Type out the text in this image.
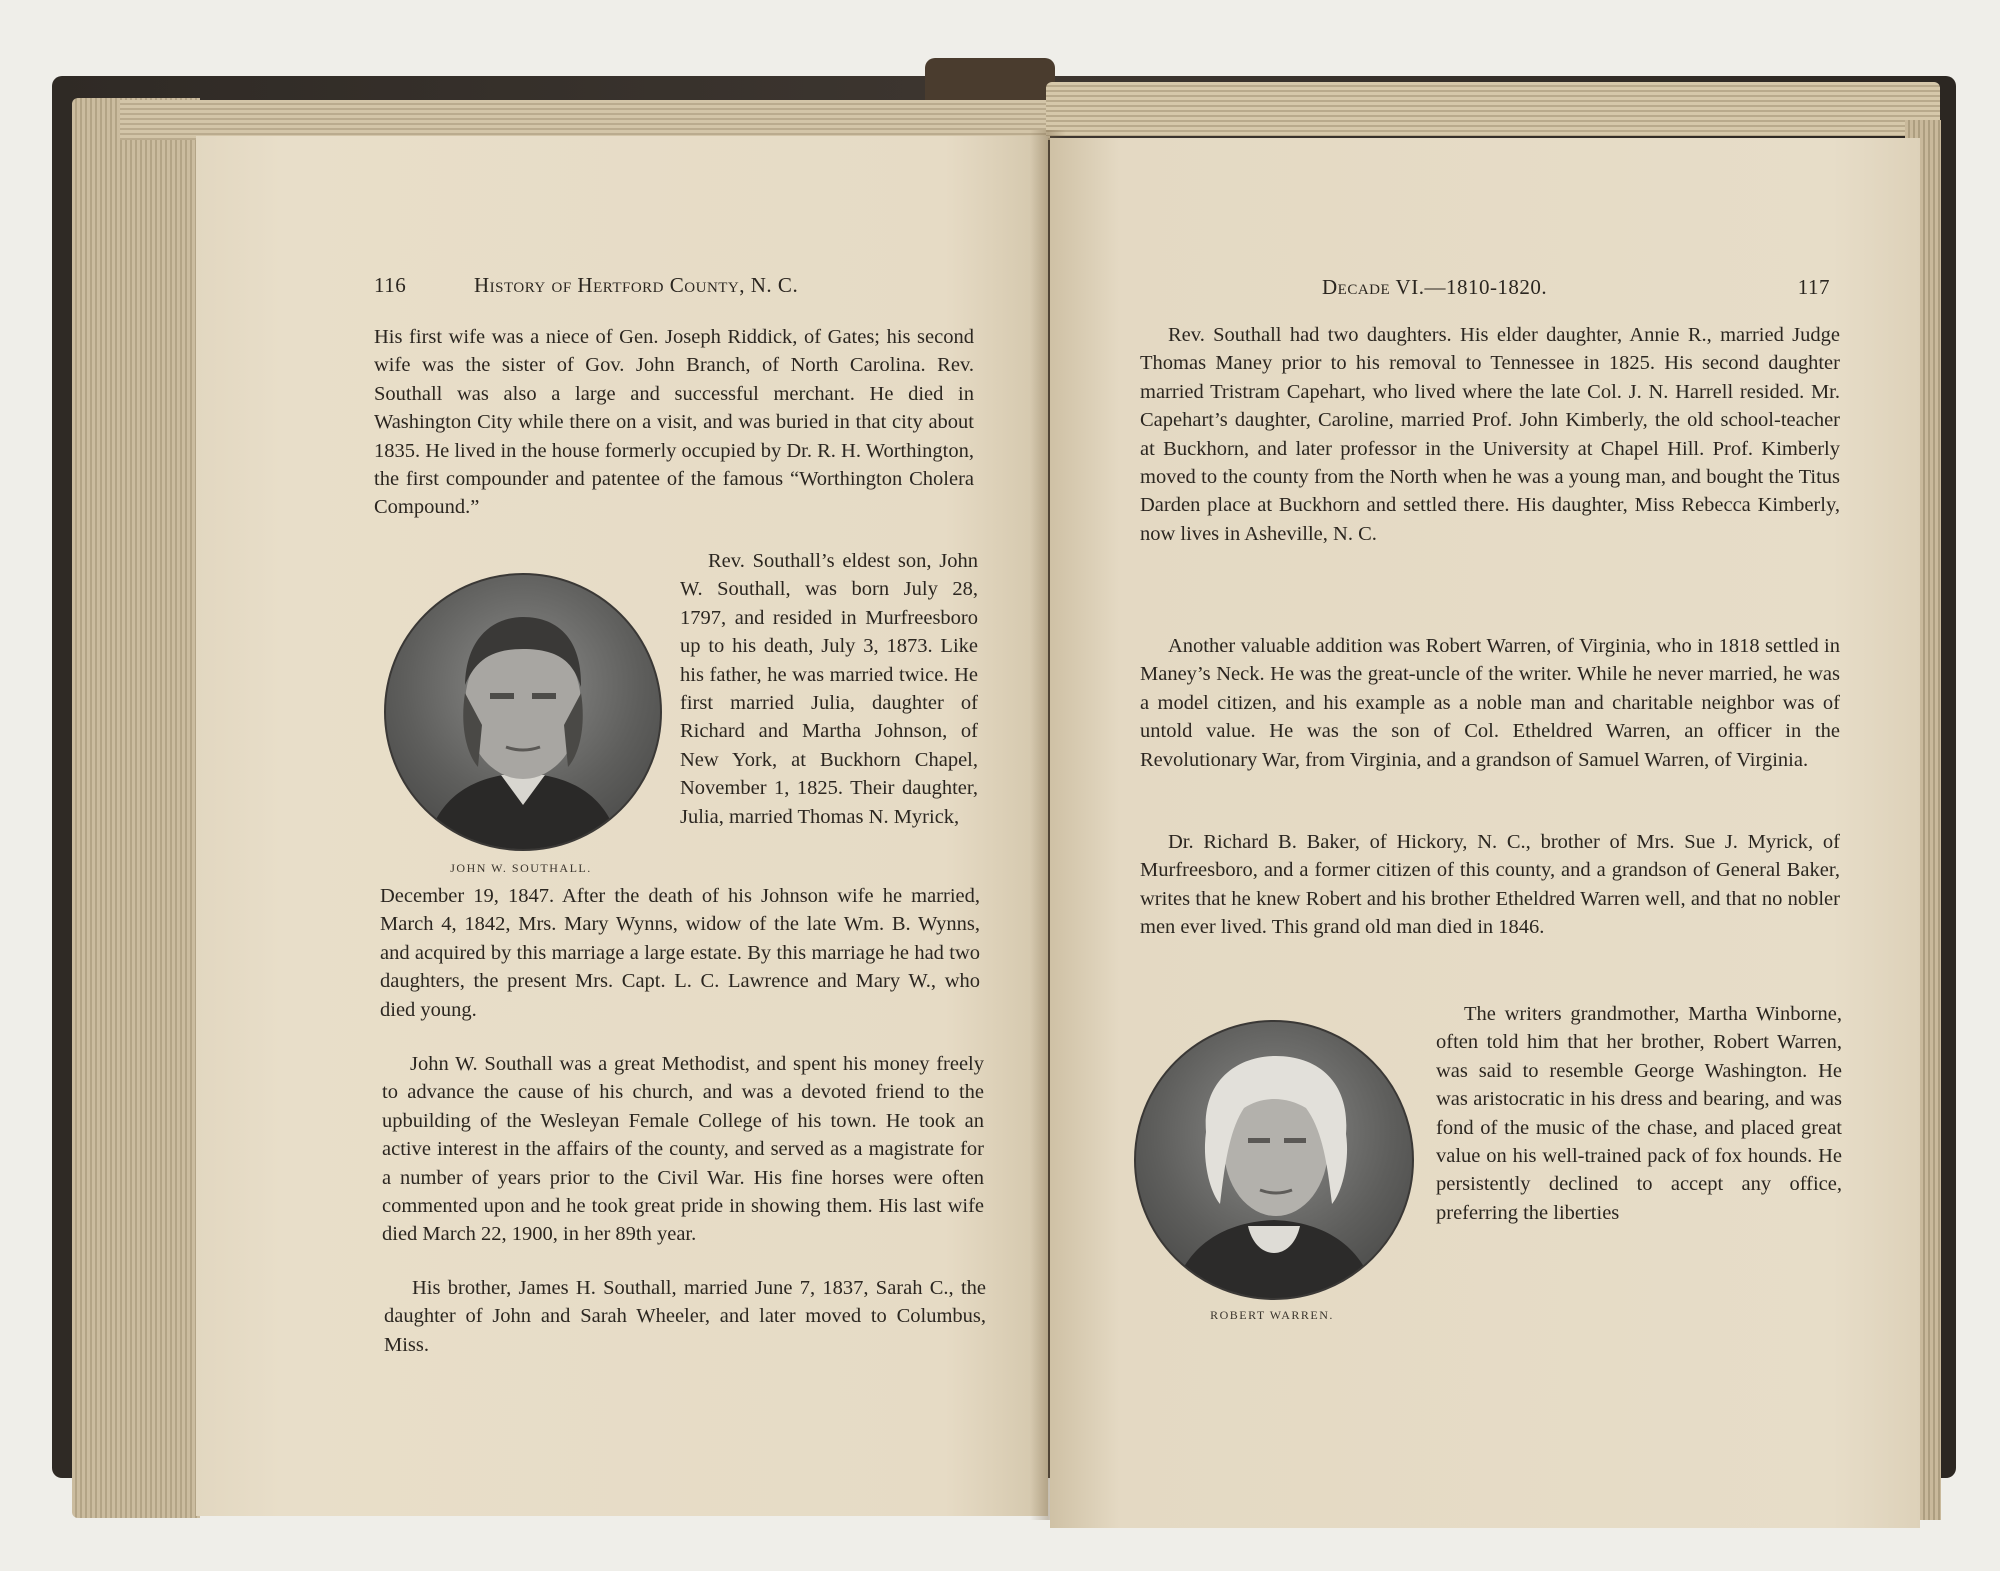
116	History of Hertford County, N. C.

His first wife was a niece of Gen. Joseph Riddick, of Gates; his second wife was the sister of Gov. John Branch, of North Carolina. Rev. Southall was also a large and successful merchant. He died in Washington City while there on a visit, and was buried in that city about 1835. He lived in the house formerly occupied by Dr. R. H. Worthington, the first compounder and patentee of the famous “Worthington Cholera Compound.”

Rev. Southall’s eldest son, John W. Southall, was born July 28, 1797, and resided in Murfreesboro up to his death, July 3, 1873. Like his father, he was married twice. He first married Julia, daughter of Richard and Martha Johnson, of New York, at Buckhorn Chapel, November 1, 1825. Their daughter, Julia, married Thomas N. Myrick,

JOHN W. SOUTHALL.

December 19, 1847. After the death of his Johnson wife he married, March 4, 1842, Mrs. Mary Wynns, widow of the late Wm. B. Wynns, and acquired by this marriage a large estate. By this marriage he had two daughters, the present Mrs. Capt. L. C. Lawrence and Mary W., who died young.

John W. Southall was a great Methodist, and spent his money freely to advance the cause of his church, and was a devoted friend to the upbuilding of the Wesleyan Female College of his town. He took an active interest in the affairs of the county, and served as a magistrate for a number of years prior to the Civil War. His fine horses were often commented upon and he took great pride in showing them. His last wife died March 22, 1900, in her 89th year.

His brother, James H. Southall, married June 7, 1837, Sarah C., the daughter of John and Sarah Wheeler, and later moved to Columbus, Miss.

Decade VI.—1810-1820.	117

Rev. Southall had two daughters. His elder daughter, Annie R., married Judge Thomas Maney prior to his removal to Tennessee in 1825. His second daughter married Tristram Capehart, who lived where the late Col. J. N. Harrell resided. Mr. Capehart’s daughter, Caroline, married Prof. John Kimberly, the old school-teacher at Buckhorn, and later professor in the University at Chapel Hill. Prof. Kimberly moved to the county from the North when he was a young man, and bought the Titus Darden place at Buckhorn and settled there. His daughter, Miss Rebecca Kimberly, now lives in Asheville, N. C.

Another valuable addition was Robert Warren, of Virginia, who in 1818 settled in Maney’s Neck. He was the great-uncle of the writer. While he never married, he was a model citizen, and his example as a noble man and charitable neighbor was of untold value. He was the son of Col. Etheldred Warren, an officer in the Revolutionary War, from Virginia, and a grandson of Samuel Warren, of Virginia.

Dr. Richard B. Baker, of Hickory, N. C., brother of Mrs. Sue J. Myrick, of Murfreesboro, and a former citizen of this county, and a grandson of General Baker, writes that he knew Robert and his brother Etheldred Warren well, and that no nobler men ever lived. This grand old man died in 1846.

ROBERT WARREN.

The writers grandmother, Martha Winborne, often told him that her brother, Robert Warren, was said to resemble George Washington. He was aristocratic in his dress and bearing, and was fond of the music of the chase, and placed great value on his well-trained pack of fox hounds. He persistently declined to accept any office, preferring the liberties
